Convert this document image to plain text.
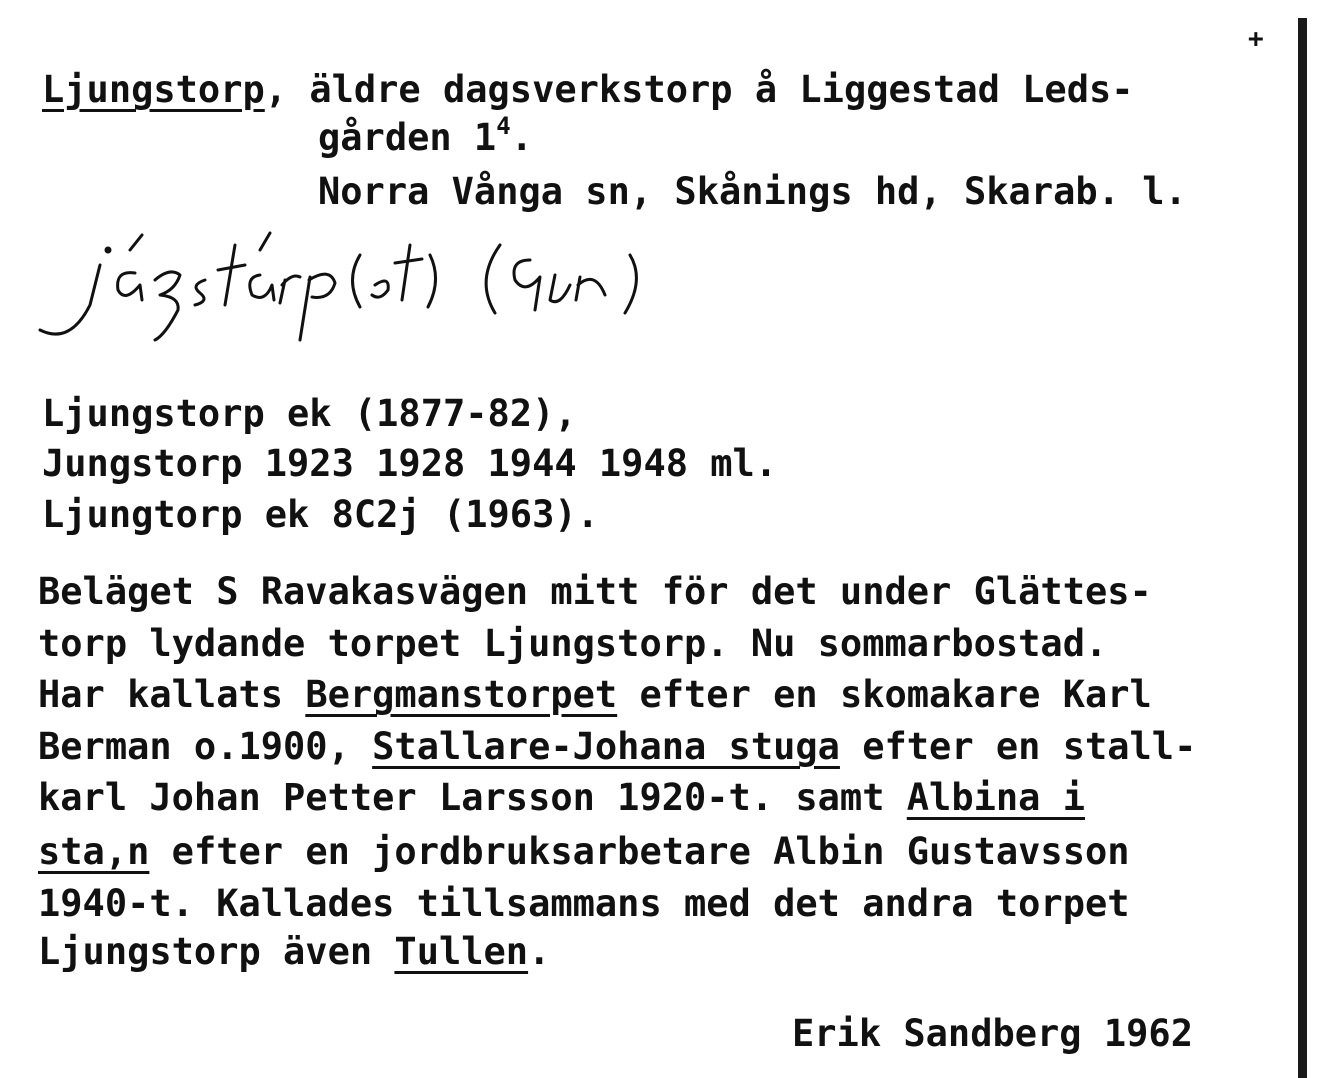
+
Ljungstorp, äldre dagsverkstorp å Liggestad Leds-
gården $1^4$.
Norra Vånga sn, Skånings hd, Skarab. l.
Ljungstorp ek (1877-82),
Jungstorp 1923 1928 1944 1948 ml.
Ljungtorp ek 8C2j (1963).
Beläget S Ravakasvägen mitt för det under Glättes-
torp lydande torpet Ljungstorp. Nu sommarbostad.
Har kallats Bergmanstorpet efter en skomakare Karl
Berman o.1900, Stallare-Johana stuga efter en stall-
karl Johan Petter Larsson 1920-t. samt Albina i
sta,n efter en jordbruksarbetare Albin Gustavsson
1940-t. Kallades tillsammans med det andra torpet
Ljungstorp även Tullen.
Erik Sandberg 1962
